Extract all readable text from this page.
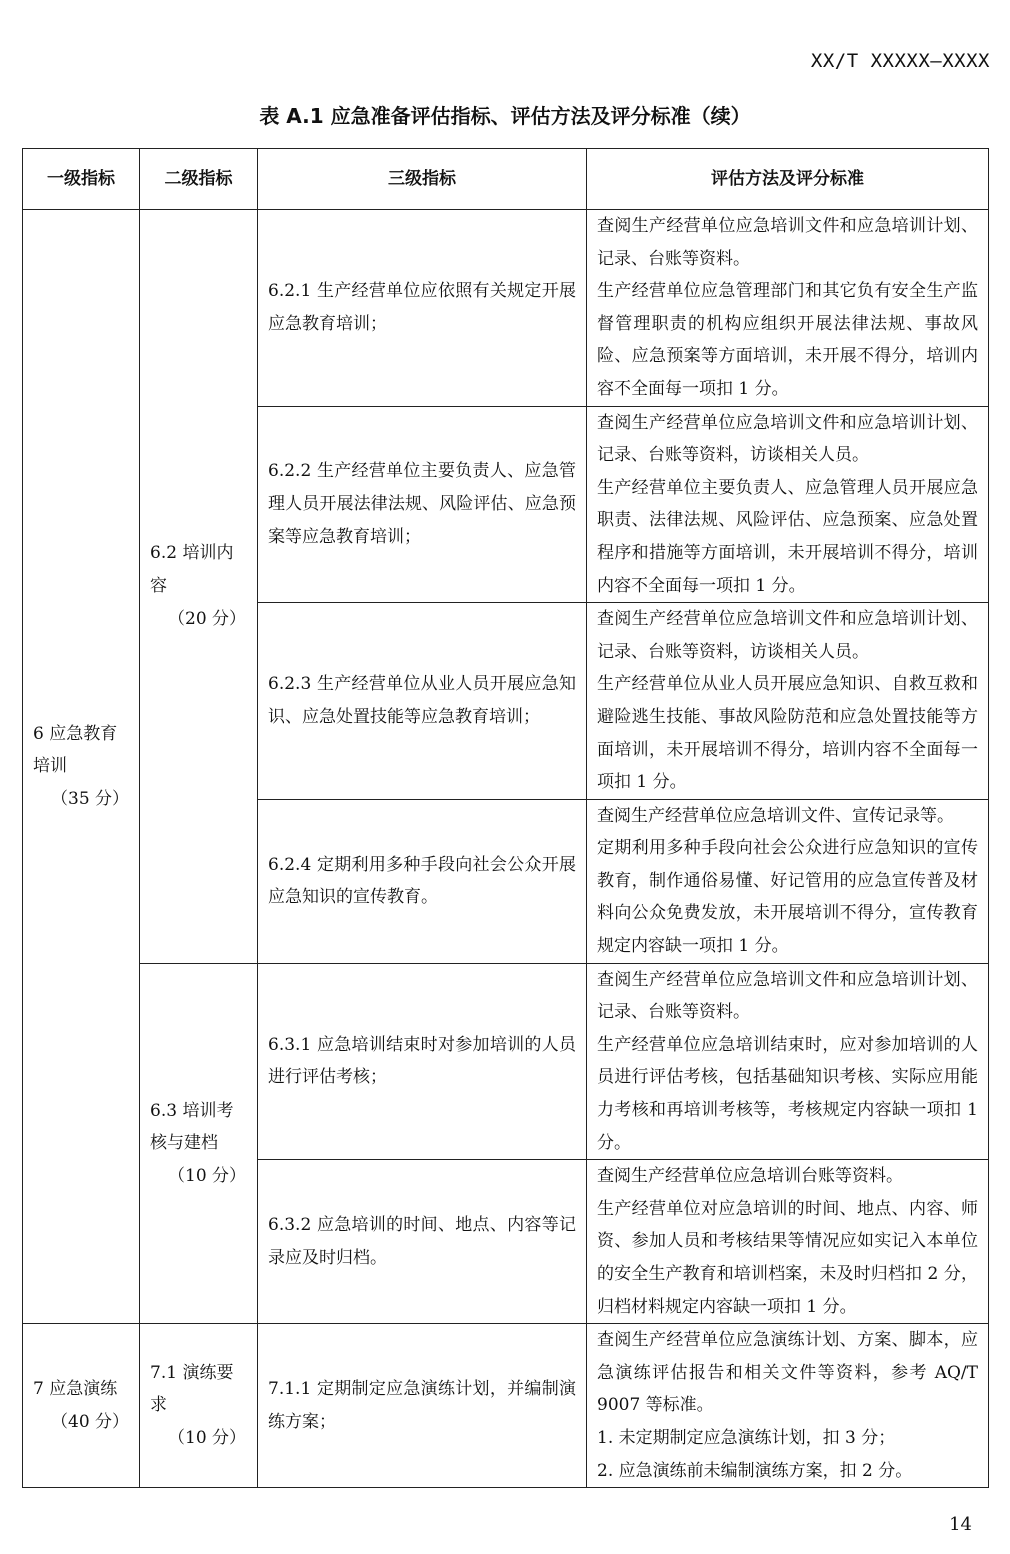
XX/T XXXXX—XXXX
表 A.1 应急准备评估指标、评估方法及评分标准（续）
一级指标	二级指标	三级指标	评估方法及评分标准

6 应急教育
培训
（35 分）	6.2 培训内
容
（20 分）	6.2.1 生产经营单位应依照有关规定开展应急教育培训；	查阅生产经营单位应急培训文件和应急培训计划、记录、台账等资料。
生产经营单位应急管理部门和其它负有安全生产监督管理职责的机构应组织开展法律法规、事故风险、应急预案等方面培训，未开展不得分，培训内容不全面每一项扣 1 分。

		6.2.2 生产经营单位主要负责人、应急管理人员开展法律法规、风险评估、应急预案等应急教育培训；	查阅生产经营单位应急培训文件和应急培训计划、记录、台账等资料，访谈相关人员。
生产经营单位主要负责人、应急管理人员开展应急职责、法律法规、风险评估、应急预案、应急处置程序和措施等方面培训，未开展培训不得分，培训内容不全面每一项扣 1 分。

		6.2.3 生产经营单位从业人员开展应急知识、应急处置技能等应急教育培训；	查阅生产经营单位应急培训文件和应急培训计划、记录、台账等资料，访谈相关人员。
生产经营单位从业人员开展应急知识、自救互救和避险逃生技能、事故风险防范和应急处置技能等方面培训，未开展培训不得分，培训内容不全面每一项扣 1 分。

		6.2.4 定期利用多种手段向社会公众开展应急知识的宣传教育。	查阅生产经营单位应急培训文件、宣传记录等。
定期利用多种手段向社会公众进行应急知识的宣传教育，制作通俗易懂、好记管用的应急宣传普及材料向公众免费发放，未开展培训不得分，宣传教育规定内容缺一项扣 1 分。

	6.3 培训考
核与建档
（10 分）	6.3.1 应急培训结束时对参加培训的人员进行评估考核；	查阅生产经营单位应急培训文件和应急培训计划、记录、台账等资料。
生产经营单位应急培训结束时，应对参加培训的人员进行评估考核，包括基础知识考核、实际应用能力考核和再培训考核等，考核规定内容缺一项扣 1 分。

		6.3.2 应急培训的时间、地点、内容等记录应及时归档。	查阅生产经营单位应急培训台账等资料。
生产经营单位对应急培训的时间、地点、内容、师资、参加人员和考核结果等情况应如实记入本单位的安全生产教育和培训档案，未及时归档扣 2 分，归档材料规定内容缺一项扣 1 分。

7 应急演练
（40 分）	7.1 演练要
求
（10 分）	7.1.1 定期制定应急演练计划，并编制演练方案；	查阅生产经营单位应急演练计划、方案、脚本，应急演练评估报告和相关文件等资料，参考 AQ/T 9007 等标准。
1. 未定期制定应急演练计划，扣 3 分；
2. 应急演练前未编制演练方案，扣 2 分。
14
